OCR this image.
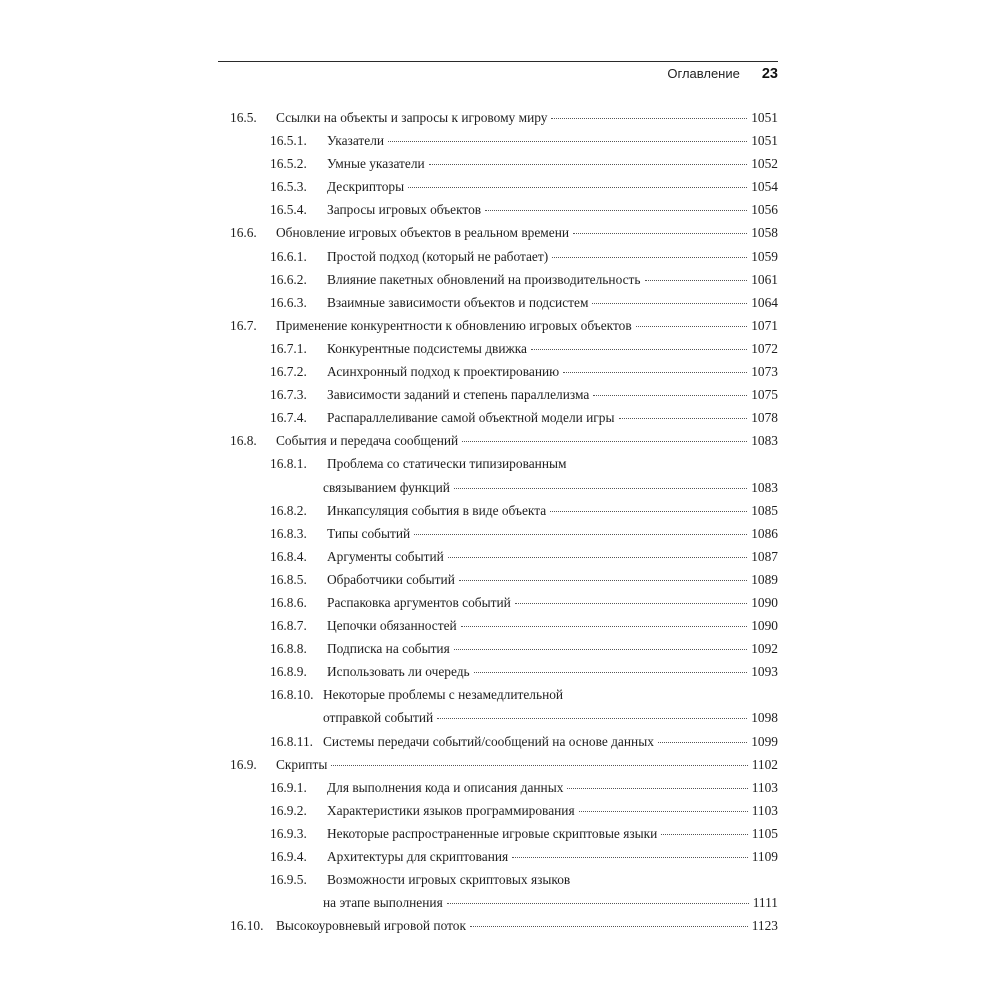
Оглавление 23
16.5.	Ссылки на объекты и запросы к игровому миру	1051
16.5.1.	Указатели	1051
16.5.2.	Умные указатели	1052
16.5.3.	Дескрипторы	1054
16.5.4.	Запросы игровых объектов	1056
16.6.	Обновление игровых объектов в реальном времени	1058
16.6.1.	Простой подход (который не работает)	1059
16.6.2.	Влияние пакетных обновлений на производительность	1061
16.6.3.	Взаимные зависимости объектов и подсистем	1064
16.7.	Применение конкурентности к обновлению игровых объектов	1071
16.7.1.	Конкурентные подсистемы движка	1072
16.7.2.	Асинхронный подход к проектированию	1073
16.7.3.	Зависимости заданий и степень параллелизма	1075
16.7.4.	Распараллеливание самой объектной модели игры	1078
16.8.	События и передача сообщений	1083
16.8.1.	Проблема со статически типизированным
связыванием функций	1083
16.8.2.	Инкапсуляция события в виде объекта	1085
16.8.3.	Типы событий	1086
16.8.4.	Аргументы событий	1087
16.8.5.	Обработчики событий	1089
16.8.6.	Распаковка аргументов событий	1090
16.8.7.	Цепочки обязанностей	1090
16.8.8.	Подписка на события	1092
16.8.9.	Использовать ли очередь	1093
16.8.10. Некоторые проблемы с незамедлительной
отправкой событий	1098
16.8.11. Системы передачи событий/сообщений на основе данных	1099
16.9.	Скрипты	1102
16.9.1.	Для выполнения кода и описания данных	1103
16.9.2.	Характеристики языков программирования	1103
16.9.3.	Некоторые распространенные игровые скриптовые языки	1105
16.9.4.	Архитектуры для скриптования	1109
16.9.5.	Возможности игровых скриптовых языков
на этапе выполнения	1111
16.10. Высокоуровневый игровой поток	1123
